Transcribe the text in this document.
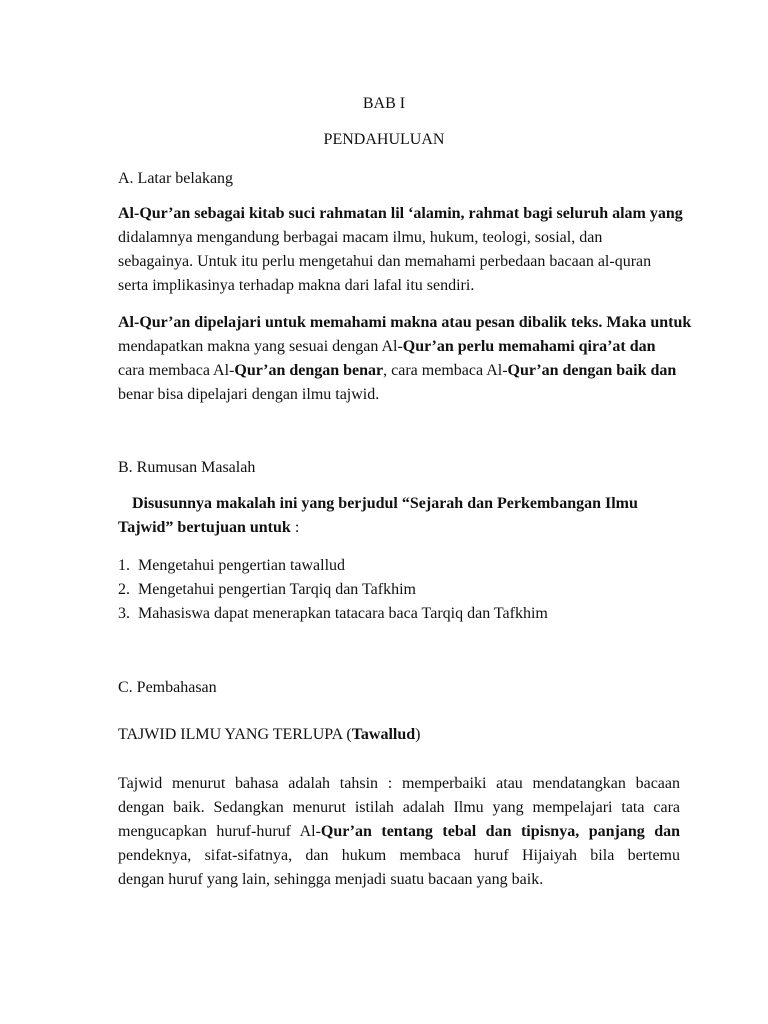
BAB I
PENDAHULUAN
A. Latar belakang
Al-Qur’an sebagai kitab suci rahmatan lil ‘alamin, rahmat bagi seluruh alam yang
didalamnya mengandung berbagai macam ilmu, hukum, teologi, sosial, dan
sebagainya. Untuk itu perlu mengetahui dan memahami perbedaan bacaan al-quran
serta implikasinya terhadap makna dari lafal itu sendiri.
Al-Qur’an dipelajari untuk memahami makna atau pesan dibalik teks. Maka untuk
mendapatkan makna yang sesuai dengan Al-Qur’an perlu memahami qira’at dan
cara membaca Al-Qur’an dengan benar, cara membaca Al-Qur’an dengan baik dan
benar bisa dipelajari dengan ilmu tajwid.
B. Rumusan Masalah
Disusunnya makalah ini yang berjudul “Sejarah dan Perkembangan Ilmu
Tajwid” bertujuan untuk :
1. Mengetahui pengertian tawallud
2. Mengetahui pengertian Tarqiq dan Tafkhim
3. Mahasiswa dapat menerapkan tatacara baca Tarqiq dan Tafkhim
C. Pembahasan
TAJWID ILMU YANG TERLUPA (Tawallud)
Tajwid menurut bahasa adalah tahsin : memperbaiki atau mendatangkan bacaan
dengan baik. Sedangkan menurut istilah adalah Ilmu yang mempelajari tata cara
mengucapkan huruf-huruf Al-Qur’an tentang tebal dan tipisnya, panjang dan
pendeknya, sifat-sifatnya, dan hukum membaca huruf Hijaiyah bila bertemu
dengan huruf yang lain, sehingga menjadi suatu bacaan yang baik.
